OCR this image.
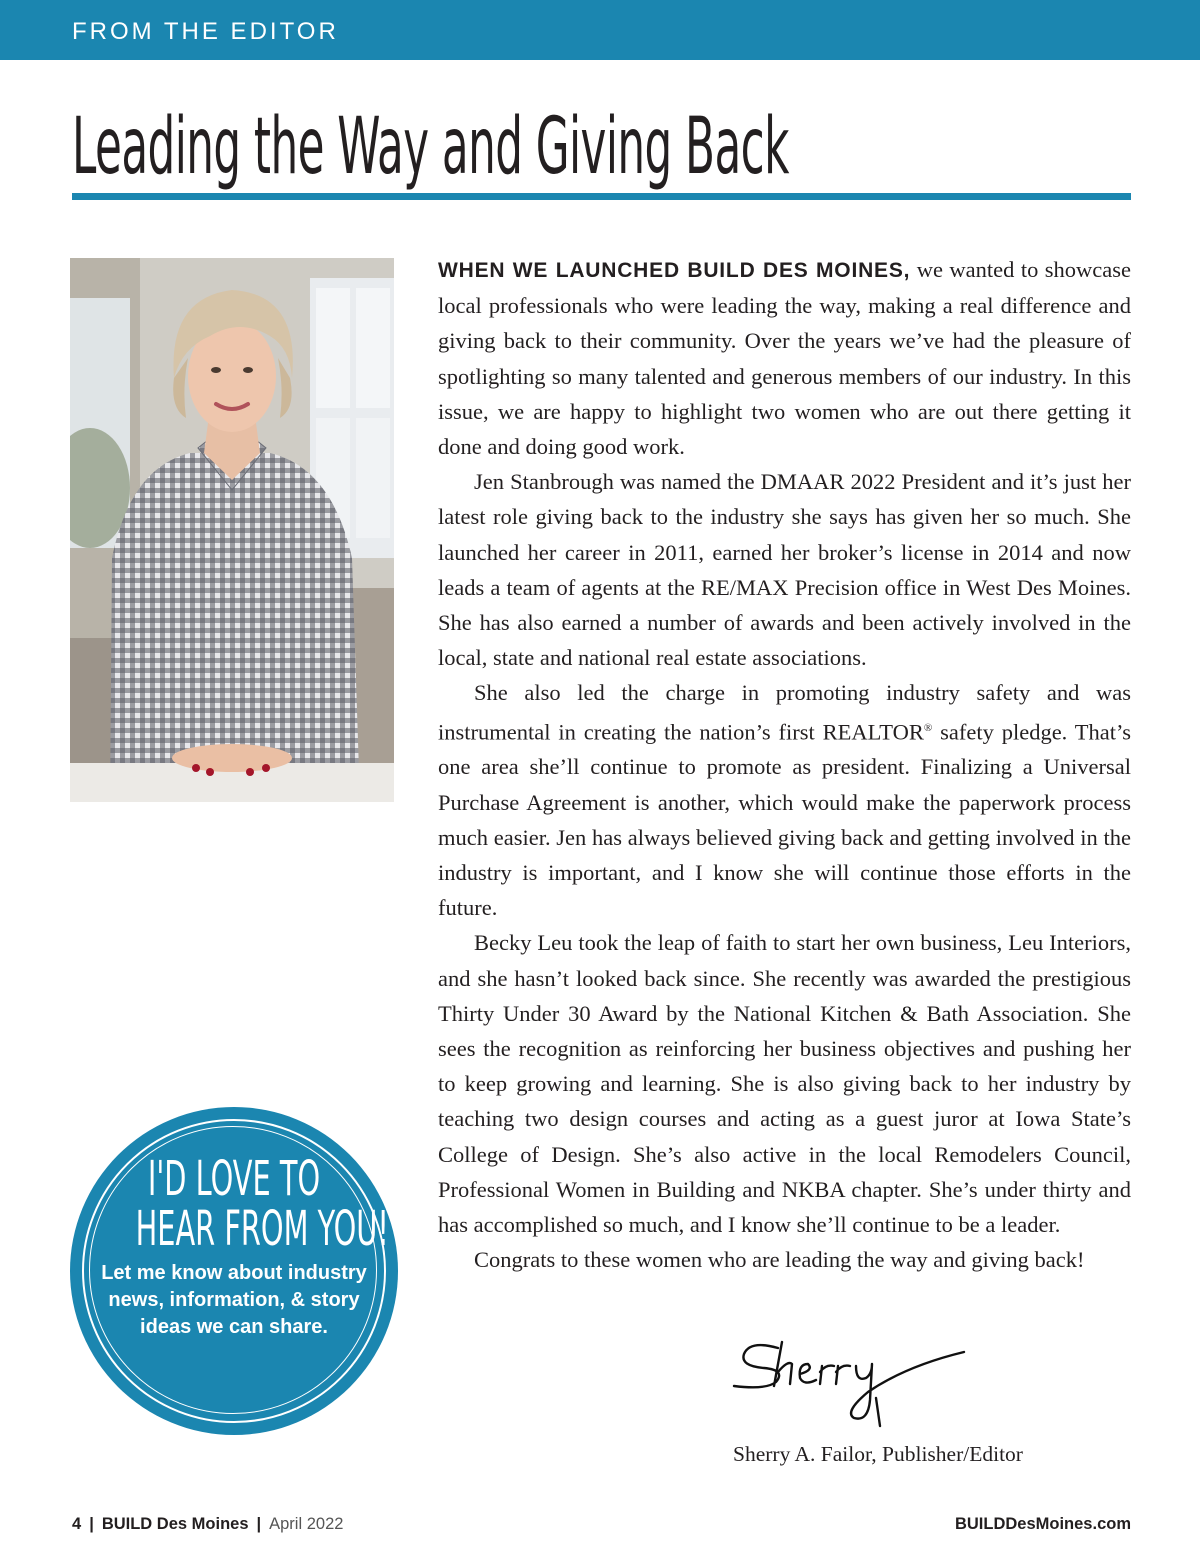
FROM THE EDITOR
Leading the Way and Giving Back

WHEN WE LAUNCHED BUILD DES MOINES, we wanted to showcase local professionals who were leading the way, making a real difference and giving back to their community. Over the years we’ve had the pleasure of spotlighting so many talented and generous members of our industry. In this issue, we are happy to highlight two women who are out there getting it done and doing good work.

Jen Stanbrough was named the DMAAR 2022 President and it’s just her latest role giving back to the industry she says has given her so much. She launched her career in 2011, earned her broker’s license in 2014 and now leads a team of agents at the RE/MAX Precision office in West Des Moines. She has also earned a number of awards and been actively involved in the local, state and national real estate associations.

She also led the charge in promoting industry safety and was instrumental in creating the nation’s first REALTOR® safety pledge. That’s one area she’ll continue to promote as president. Finalizing a Universal Purchase Agreement is another, which would make the paperwork process much easier. Jen has always believed giving back and getting involved in the industry is important, and I know she will continue those efforts in the future.

Becky Leu took the leap of faith to start her own business, Leu Interiors, and she hasn’t looked back since. She recently was awarded the prestigious Thirty Under 30 Award by the National Kitchen & Bath Association. She sees the recognition as reinforcing her business objectives and pushing her to keep growing and learning. She is also giving back to her industry by teaching two design courses and acting as a guest juror at Iowa State’s College of Design. She’s also active in the local Remodelers Council, Professional Women in Building and NKBA chapter. She’s under thirty and has accomplished so much, and I know she’ll continue to be a leader.

Congrats to these women who are leading the way and giving back!

I'D LOVE TO
HEAR FROM YOU!
Let me know about industry news, information, & story ideas we can share.
Sherry A. Failor, Publisher/Editor
4 | BUILD Des Moines | April 2022	BUILDDesMoines.com
